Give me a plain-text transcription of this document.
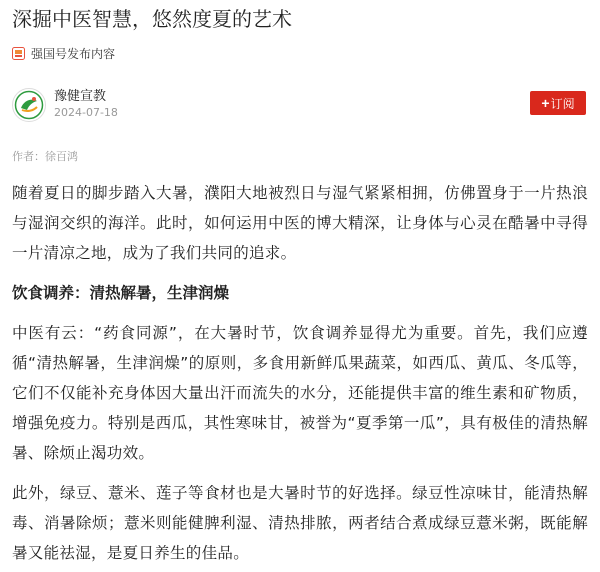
深掘中医智慧，悠然度夏的艺术
强国号发布内容
豫健宣教
2024-07-18
+ 订阅
作者：徐百鸿

随着夏日的脚步踏入大暑，濮阳大地被烈日与湿气紧紧相拥，仿佛置身于一片热浪与湿润交织的海洋。此时，如何运用中医的博大精深，让身体与心灵在酷暑中寻得一片清凉之地，成为了我们共同的追求。

饮食调养：清热解暑，生津润燥

中医有云：“药食同源”，在大暑时节，饮食调养显得尤为重要。首先，我们应遵循“清热解暑，生津润燥”的原则，多食用新鲜瓜果蔬菜，如西瓜、黄瓜、冬瓜等，它们不仅能补充身体因大量出汗而流失的水分，还能提供丰富的维生素和矿物质，增强免疫力。特别是西瓜，其性寒味甘，被誉为“夏季第一瓜”，具有极佳的清热解暑、除烦止渴功效。

此外，绿豆、薏米、莲子等食材也是大暑时节的好选择。绿豆性凉味甘，能清热解毒、消暑除烦；薏米则能健脾利湿、清热排脓，两者结合煮成绿豆薏米粥，既能解暑又能祛湿，是夏日养生的佳品。
